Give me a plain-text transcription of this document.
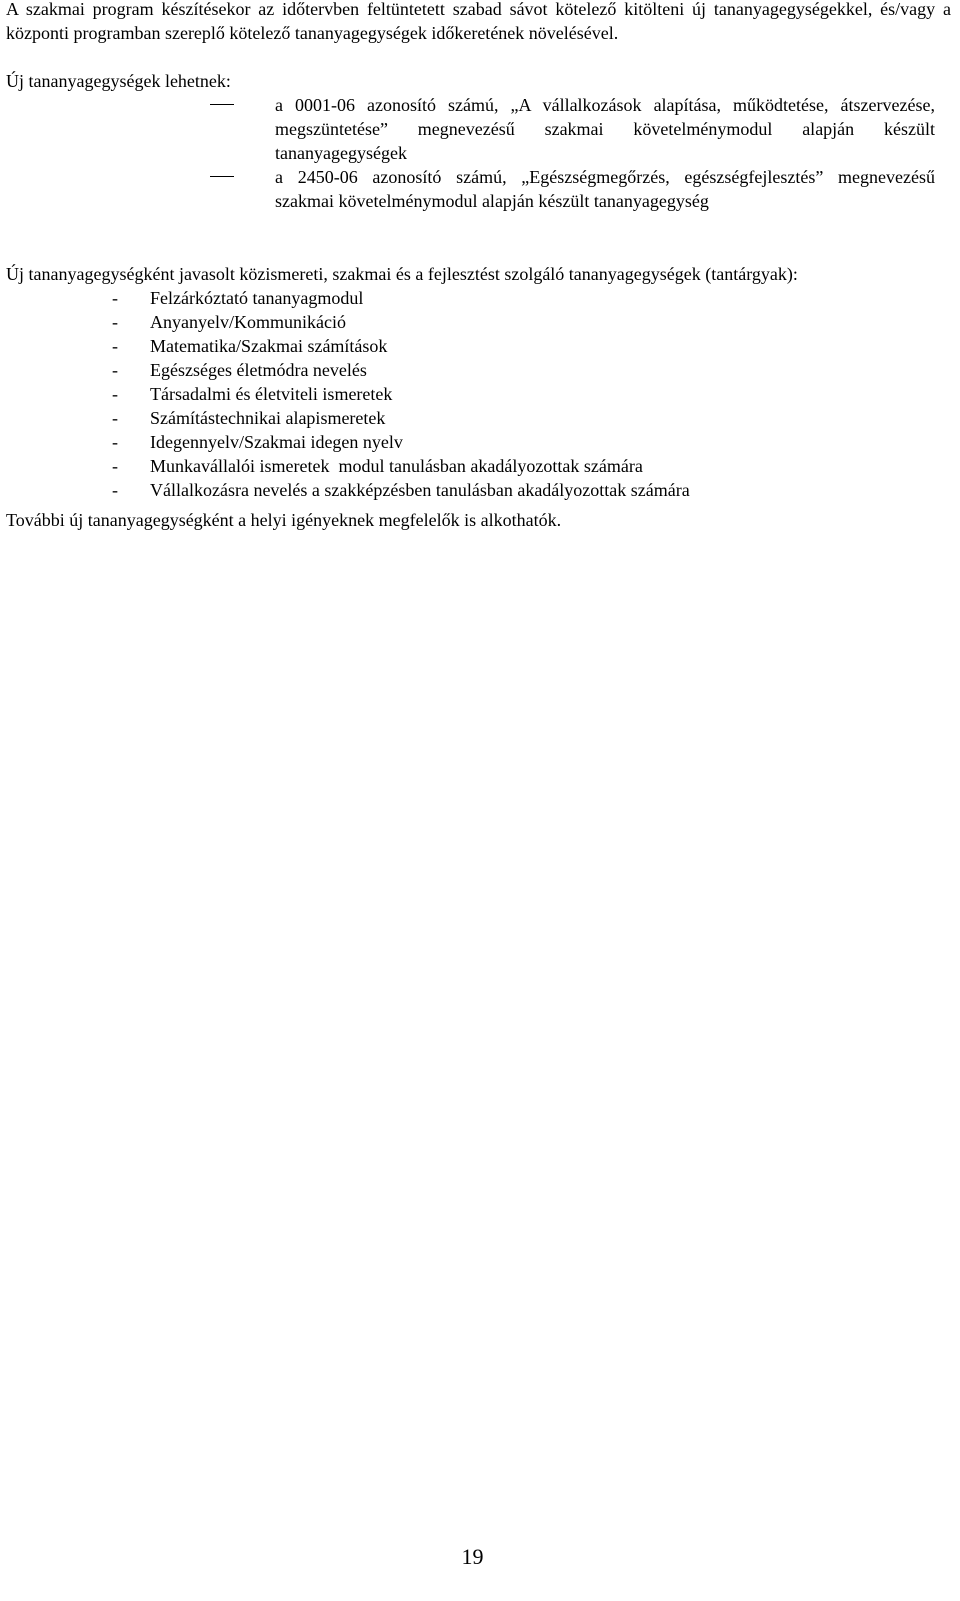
A szakmai program készítésekor az időtervben feltüntetett szabad sávot kötelező kitölteni új tananyagegységekkel, és/vagy a központi programban szereplő kötelező tananyagegységek időkeretének növelésével.

Új tananyagegységek lehetnek:

a 0001-06 azonosító számú, „A vállalkozások alapítása, működtetése, átszervezése, megszüntetése” megnevezésű szakmai követelménymodul alapján készült tananyagegységek
a 2450-06 azonosító számú, „Egészségmegőrzés, egészségfejlesztés” megnevezésű szakmai követelménymodul alapján készült tananyagegység

Új tananyagegységként javasolt közismereti, szakmai és a fejlesztést szolgáló tananyagegységek (tantárgyak):

- Felzárkóztató tananyagmodul
- Anyanyelv/Kommunikáció
- Matematika/Szakmai számítások
- Egészséges életmódra nevelés
- Társadalmi és életviteli ismeretek
- Számítástechnikai alapismeretek
- Idegennyelv/Szakmai idegen nyelv
- Munkavállalói ismeretek  modul tanulásban akadályozottak számára
- Vállalkozásra nevelés a szakképzésben tanulásban akadályozottak számára

További új tananyagegységként a helyi igényeknek megfelelők is alkothatók.

19
